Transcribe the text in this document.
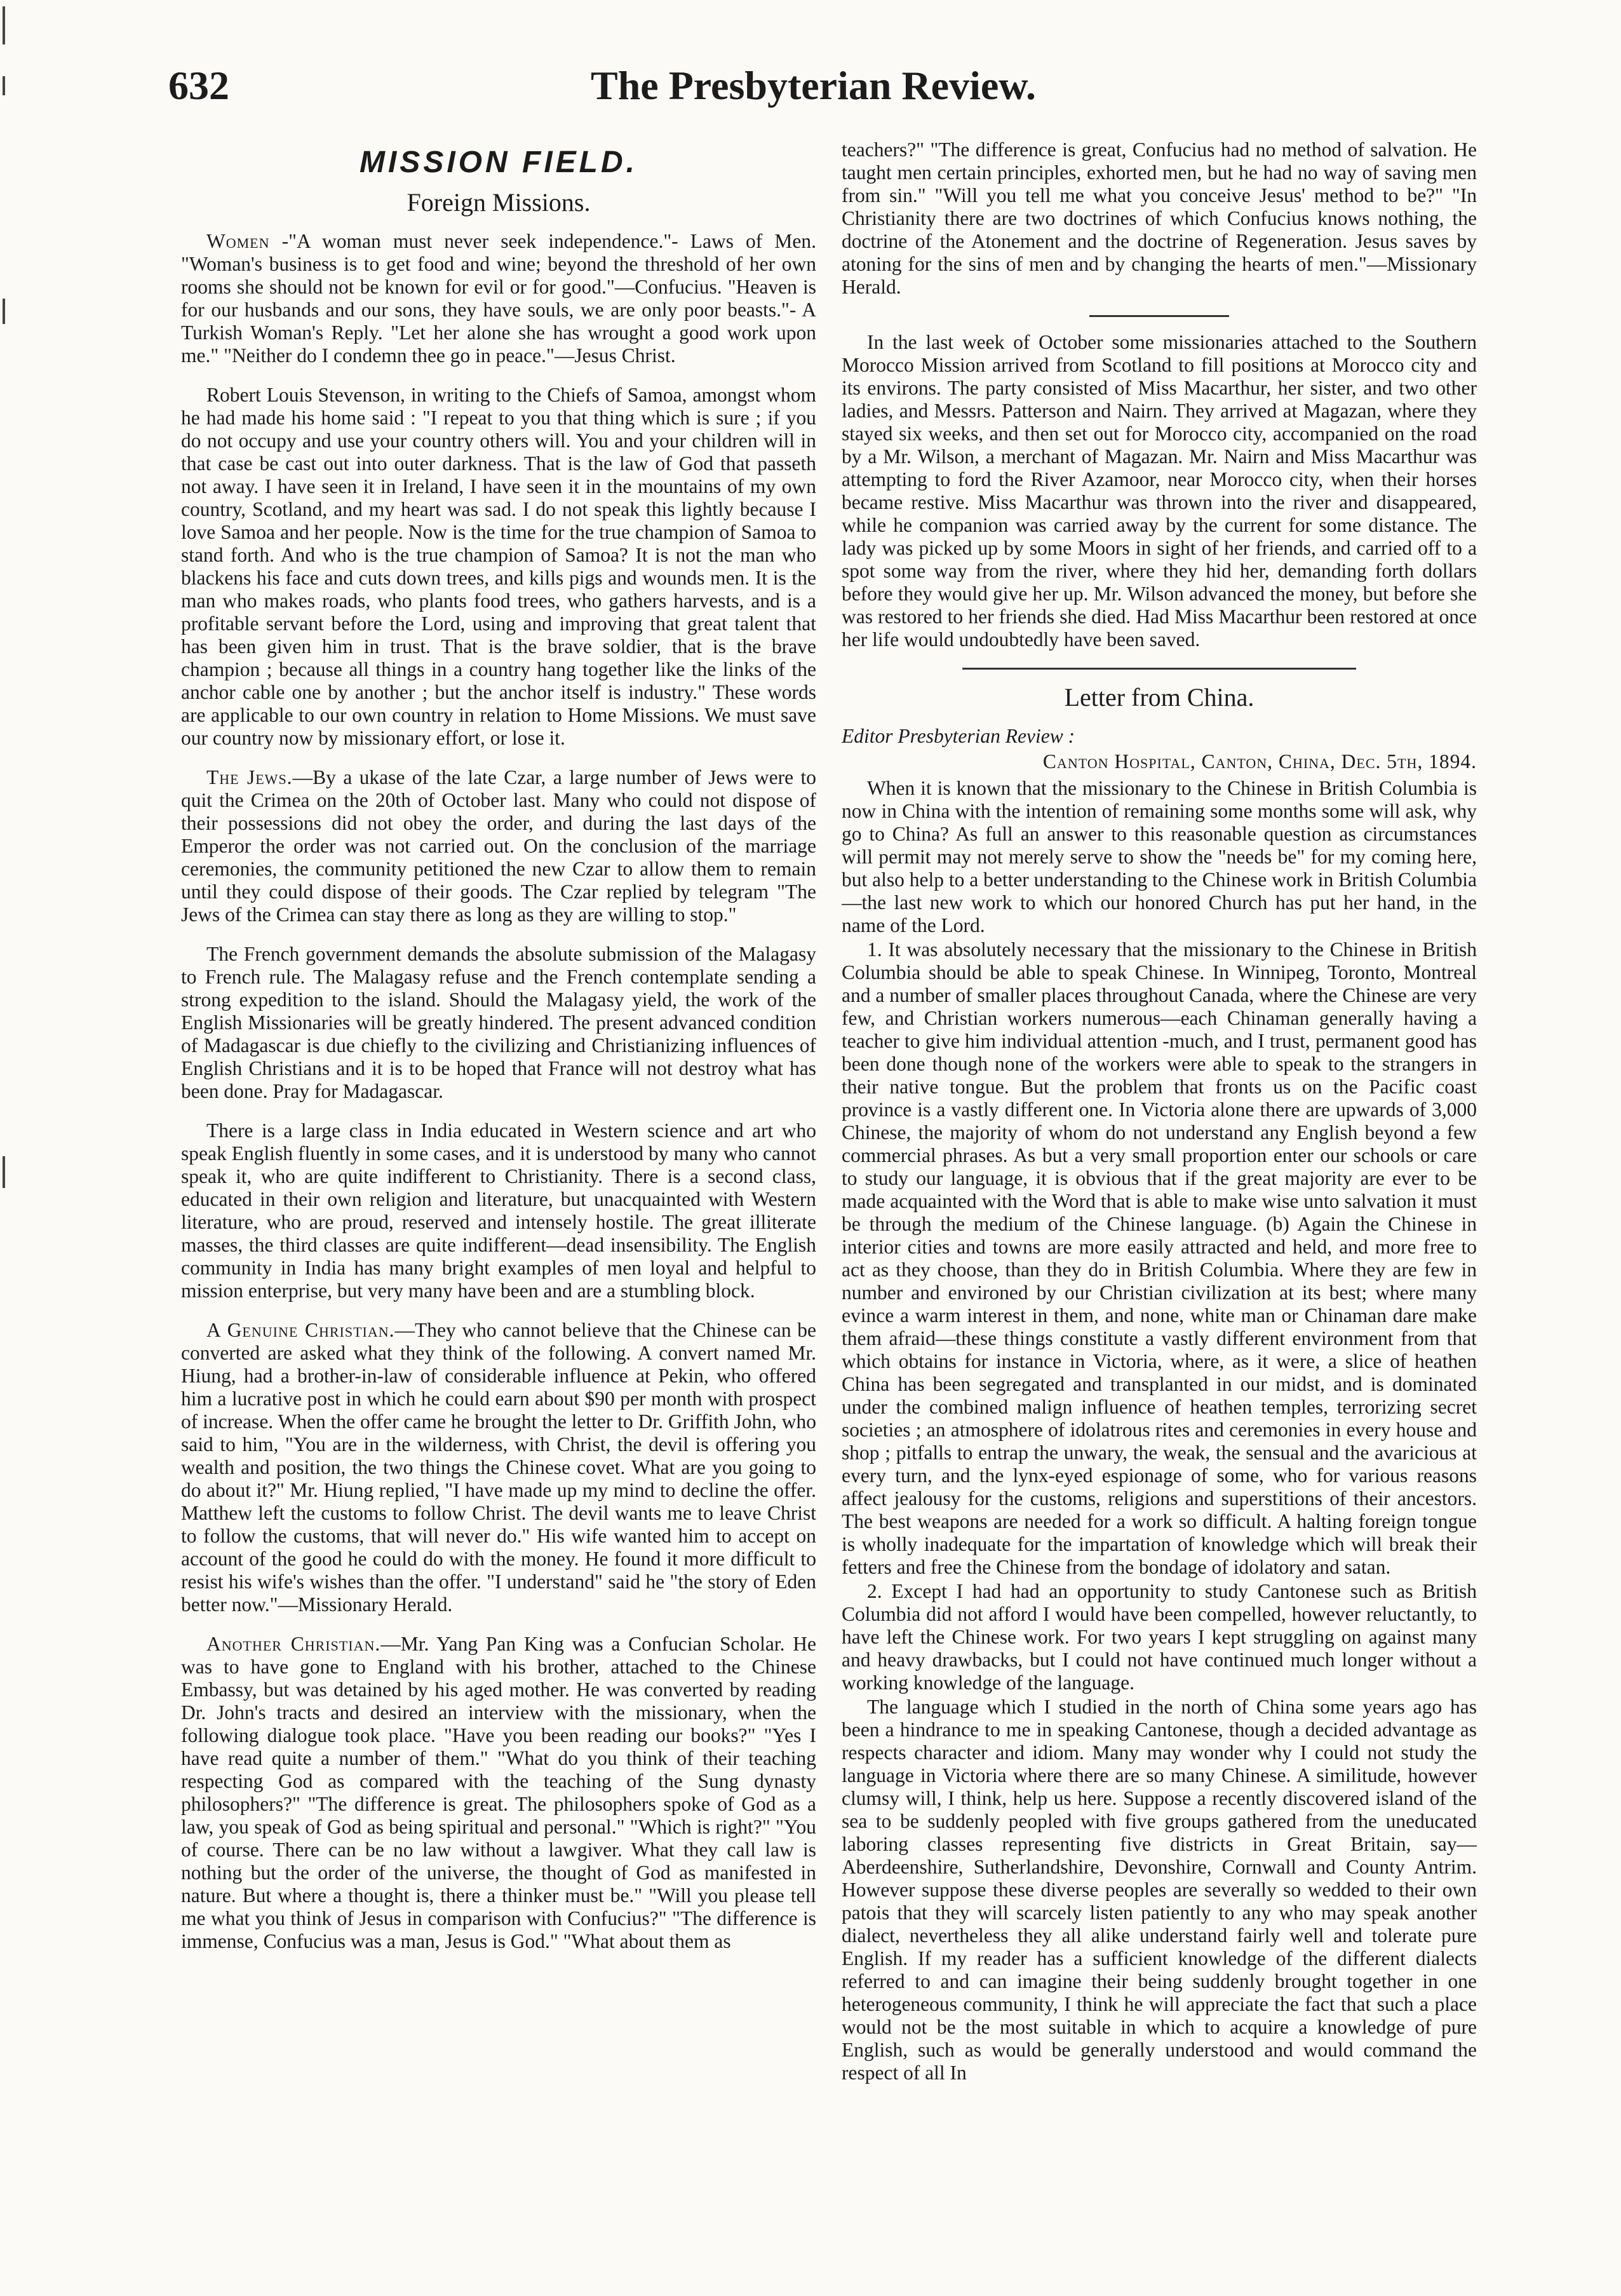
632	The Presbyterian Review.
MISSION FIELD.
Foreign Missions.

Women -"A woman must never seek independence."- Laws of Men. "Woman's business is to get food and wine; beyond the threshold of her own rooms she should not be known for evil or for good."—Confucius. "Heaven is for our husbands and our sons, they have souls, we are only poor beasts."- A Turkish Woman's Reply. "Let her alone she has wrought a good work upon me." "Neither do I condemn thee go in peace."—Jesus Christ.

Robert Louis Stevenson, in writing to the Chiefs of Samoa, amongst whom he had made his home said : "I repeat to you that thing which is sure ; if you do not occupy and use your country others will. You and your children will in that case be cast out into outer darkness. That is the law of God that passeth not away. I have seen it in Ireland, I have seen it in the mountains of my own country, Scotland, and my heart was sad. I do not speak this lightly because I love Samoa and her people. Now is the time for the true champion of Samoa to stand forth. And who is the true champion of Samoa? It is not the man who blackens his face and cuts down trees, and kills pigs and wounds men. It is the man who makes roads, who plants food trees, who gathers harvests, and is a profitable servant before the Lord, using and improving that great talent that has been given him in trust. That is the brave soldier, that is the brave champion ; because all things in a country hang together like the links of the anchor cable one by another ; but the anchor itself is industry." These words are applicable to our own country in relation to Home Missions. We must save our country now by missionary effort, or lose it.

The Jews.—By a ukase of the late Czar, a large number of Jews were to quit the Crimea on the 20th of October last. Many who could not dispose of their possessions did not obey the order, and during the last days of the Emperor the order was not carried out. On the conclusion of the marriage ceremonies, the community petitioned the new Czar to allow them to remain until they could dispose of their goods. The Czar replied by telegram "The Jews of the Crimea can stay there as long as they are willing to stop."

The French government demands the absolute submission of the Malagasy to French rule. The Malagasy refuse and the French contemplate sending a strong expedition to the island. Should the Malagasy yield, the work of the English Missionaries will be greatly hindered. The present advanced condition of Madagascar is due chiefly to the civilizing and Christianizing influences of English Christians and it is to be hoped that France will not destroy what has been done. Pray for Madagascar.

There is a large class in India educated in Western science and art who speak English fluently in some cases, and it is understood by many who cannot speak it, who are quite indifferent to Christianity. There is a second class, educated in their own religion and literature, but unacquainted with Western literature, who are proud, reserved and intensely hostile. The great illiterate masses, the third classes are quite indifferent—dead insensibility. The English community in India has many bright examples of men loyal and helpful to mission enterprise, but very many have been and are a stumbling block.

A Genuine Christian.—They who cannot believe that the Chinese can be converted are asked what they think of the following. A convert named Mr. Hiung, had a brother-in-law of considerable influence at Pekin, who offered him a lucrative post in which he could earn about $90 per month with prospect of increase. When the offer came he brought the letter to Dr. Griffith John, who said to him, "You are in the wilderness, with Christ, the devil is offering you wealth and position, the two things the Chinese covet. What are you going to do about it?" Mr. Hiung replied, "I have made up my mind to decline the offer. Matthew left the customs to follow Christ. The devil wants me to leave Christ to follow the customs, that will never do." His wife wanted him to accept on account of the good he could do with the money. He found it more difficult to resist his wife's wishes than the offer. "I understand" said he "the story of Eden better now."—Missionary Herald.

Another Christian.—Mr. Yang Pan King was a Confucian Scholar. He was to have gone to England with his brother, attached to the Chinese Embassy, but was detained by his aged mother. He was converted by reading Dr. John's tracts and desired an interview with the missionary, when the following dialogue took place. "Have you been reading our books?" "Yes I have read quite a number of them." "What do you think of their teaching respecting God as compared with the teaching of the Sung dynasty philosophers?" "The difference is great. The philosophers spoke of God as a law, you speak of God as being spiritual and personal." "Which is right?" "You of course. There can be no law without a lawgiver. What they call law is nothing but the order of the universe, the thought of God as manifested in nature. But where a thought is, there a thinker must be." "Will you please tell me what you think of Jesus in comparison with Confucius?" "The difference is immense, Confucius was a man, Jesus is God." "What about them as

teachers?" "The difference is great, Confucius had no method of salvation. He taught men certain principles, exhorted men, but he had no way of saving men from sin." "Will you tell me what you conceive Jesus' method to be?" "In Christianity there are two doctrines of which Confucius knows nothing, the doctrine of the Atonement and the doctrine of Regeneration. Jesus saves by atoning for the sins of men and by changing the hearts of men."—Missionary Herald.

In the last week of October some missionaries attached to the Southern Morocco Mission arrived from Scotland to fill positions at Morocco city and its environs. The party consisted of Miss Macarthur, her sister, and two other ladies, and Messrs. Patterson and Nairn. They arrived at Magazan, where they stayed six weeks, and then set out for Morocco city, accompanied on the road by a Mr. Wilson, a merchant of Magazan. Mr. Nairn and Miss Macarthur was attempting to ford the River Azamoor, near Morocco city, when their horses became restive. Miss Macarthur was thrown into the river and disappeared, while he companion was carried away by the current for some distance. The lady was picked up by some Moors in sight of her friends, and carried off to a spot some way from the river, where they hid her, demanding forth dollars before they would give her up. Mr. Wilson advanced the money, but before she was restored to her friends she died. Had Miss Macarthur been restored at once her life would undoubtedly have been saved.

Letter from China.

Editor Presbyterian Review :

Canton Hospital, Canton, China, Dec. 5th, 1894.

When it is known that the missionary to the Chinese in British Columbia is now in China with the intention of remaining some months some will ask, why go to China? As full an answer to this reasonable question as circumstances will permit may not merely serve to show the "needs be" for my coming here, but also help to a better understanding to the Chinese work in British Columbia—the last new work to which our honored Church has put her hand, in the name of the Lord.

1. It was absolutely necessary that the missionary to the Chinese in British Columbia should be able to speak Chinese. In Winnipeg, Toronto, Montreal and a number of smaller places throughout Canada, where the Chinese are very few, and Christian workers numerous—each Chinaman generally having a teacher to give him individual attention -much, and I trust, permanent good has been done though none of the workers were able to speak to the strangers in their native tongue. But the problem that fronts us on the Pacific coast province is a vastly different one. In Victoria alone there are upwards of 3,000 Chinese, the majority of whom do not understand any English beyond a few commercial phrases. As but a very small proportion enter our schools or care to study our language, it is obvious that if the great majority are ever to be made acquainted with the Word that is able to make wise unto salvation it must be through the medium of the Chinese language. (b) Again the Chinese in interior cities and towns are more easily attracted and held, and more free to act as they choose, than they do in British Columbia. Where they are few in number and environed by our Christian civilization at its best; where many evince a warm interest in them, and none, white man or Chinaman dare make them afraid—these things constitute a vastly different environment from that which obtains for instance in Victoria, where, as it were, a slice of heathen China has been segregated and transplanted in our midst, and is dominated under the combined malign influence of heathen temples, terrorizing secret societies ; an atmosphere of idolatrous rites and ceremonies in every house and shop ; pitfalls to entrap the unwary, the weak, the sensual and the avaricious at every turn, and the lynx-eyed espionage of some, who for various reasons affect jealousy for the customs, religions and superstitions of their ancestors. The best weapons are needed for a work so difficult. A halting foreign tongue is wholly inadequate for the impartation of knowledge which will break their fetters and free the Chinese from the bondage of idolatory and satan.

2. Except I had had an opportunity to study Cantonese such as British Columbia did not afford I would have been compelled, however reluctantly, to have left the Chinese work. For two years I kept struggling on against many and heavy drawbacks, but I could not have continued much longer without a working knowledge of the language.

The language which I studied in the north of China some years ago has been a hindrance to me in speaking Cantonese, though a decided advantage as respects character and idiom. Many may wonder why I could not study the language in Victoria where there are so many Chinese. A similitude, however clumsy will, I think, help us here. Suppose a recently discovered island of the sea to be suddenly peopled with five groups gathered from the uneducated laboring classes representing five districts in Great Britain, say—Aberdeenshire, Sutherlandshire, Devonshire, Cornwall and County Antrim. However suppose these diverse peoples are severally so wedded to their own patois that they will scarcely listen patiently to any who may speak another dialect, nevertheless they all alike understand fairly well and tolerate pure English. If my reader has a sufficient knowledge of the different dialects referred to and can imagine their being suddenly brought together in one heterogeneous community, I think he will appreciate the fact that such a place would not be the most suitable in which to acquire a knowledge of pure English, such as would be generally understood and would command the respect of all In
